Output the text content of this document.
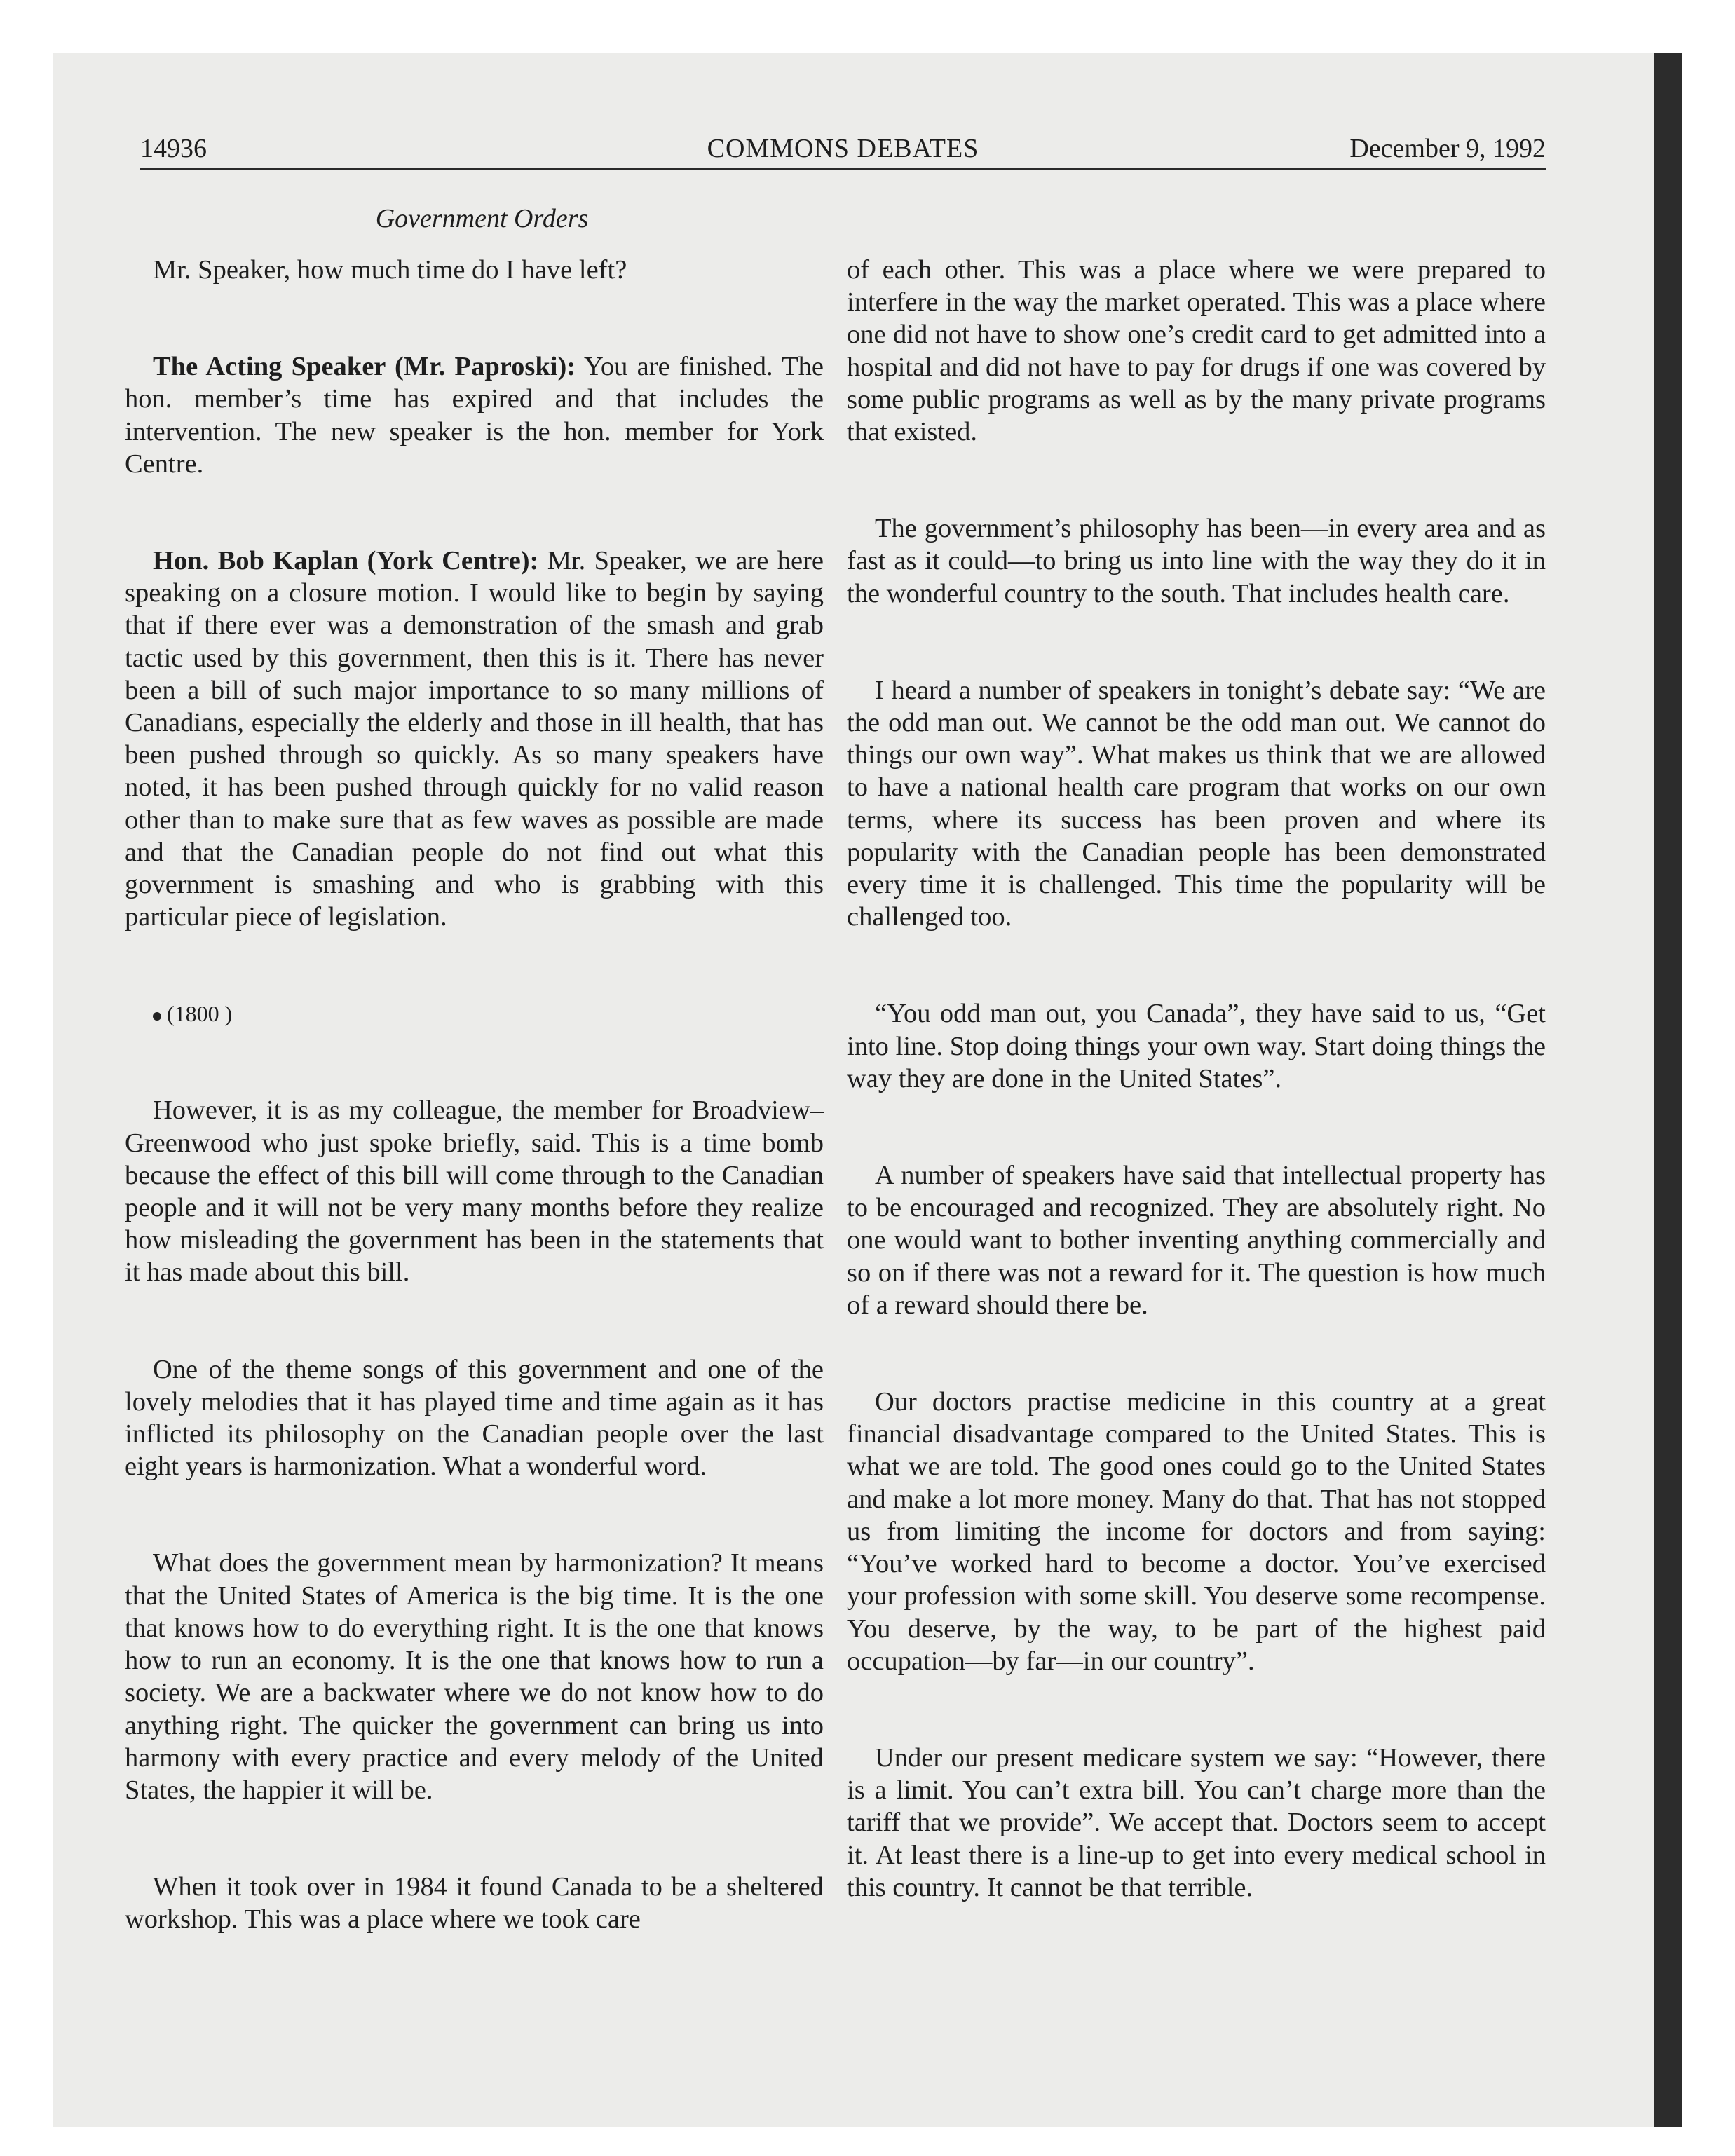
14936	COMMONS DEBATES	December 9, 1992
Government Orders

Mr. Speaker, how much time do I have left?

The Acting Speaker (Mr. Paproski): You are finished. The hon. member’s time has expired and that includes the intervention. The new speaker is the hon. member for York Centre.

Hon. Bob Kaplan (York Centre): Mr. Speaker, we are here speaking on a closure motion. I would like to begin by saying that if there ever was a demonstration of the smash and grab tactic used by this government, then this is it. There has never been a bill of such major importance to so many millions of Canadians, especially the elderly and those in ill health, that has been pushed through so quickly. As so many speakers have noted, it has been pushed through quickly for no valid reason other than to make sure that as few waves as possible are made and that the Canadian people do not find out what this government is smashing and who is grabbing with this particular piece of legislation.

(1800 )

However, it is as my colleague, the member for Broadview–Greenwood who just spoke briefly, said. This is a time bomb because the effect of this bill will come through to the Canadian people and it will not be very many months before they realize how misleading the government has been in the statements that it has made about this bill.

One of the theme songs of this government and one of the lovely melodies that it has played time and time again as it has inflicted its philosophy on the Canadian people over the last eight years is harmonization. What a wonderful word.

What does the government mean by harmonization? It means that the United States of America is the big time. It is the one that knows how to do everything right. It is the one that knows how to run an economy. It is the one that knows how to run a society. We are a backwater where we do not know how to do anything right. The quicker the government can bring us into harmony with every practice and every melody of the United States, the happier it will be.

When it took over in 1984 it found Canada to be a sheltered workshop. This was a place where we took care

of each other. This was a place where we were prepared to interfere in the way the market operated. This was a place where one did not have to show one’s credit card to get admitted into a hospital and did not have to pay for drugs if one was covered by some public programs as well as by the many private programs that existed.

The government’s philosophy has been—in every area and as fast as it could—to bring us into line with the way they do it in the wonderful country to the south. That includes health care.

I heard a number of speakers in tonight’s debate say: “We are the odd man out. We cannot be the odd man out. We cannot do things our own way”. What makes us think that we are allowed to have a national health care program that works on our own terms, where its success has been proven and where its popularity with the Canadian people has been demonstrated every time it is challenged. This time the popularity will be challenged too.

“You odd man out, you Canada”, they have said to us, “Get into line. Stop doing things your own way. Start doing things the way they are done in the United States”.

A number of speakers have said that intellectual property has to be encouraged and recognized. They are absolutely right. No one would want to bother inventing anything commercially and so on if there was not a reward for it. The question is how much of a reward should there be.

Our doctors practise medicine in this country at a great financial disadvantage compared to the United States. This is what we are told. The good ones could go to the United States and make a lot more money. Many do that. That has not stopped us from limiting the income for doctors and from saying: “You’ve worked hard to become a doctor. You’ve exercised your profession with some skill. You deserve some recompense. You deserve, by the way, to be part of the highest paid occupation—by far—in our country”.

Under our present medicare system we say: “However, there is a limit. You can’t extra bill. You can’t charge more than the tariff that we provide”. We accept that. Doctors seem to accept it. At least there is a line-up to get into every medical school in this country. It cannot be that terrible.
